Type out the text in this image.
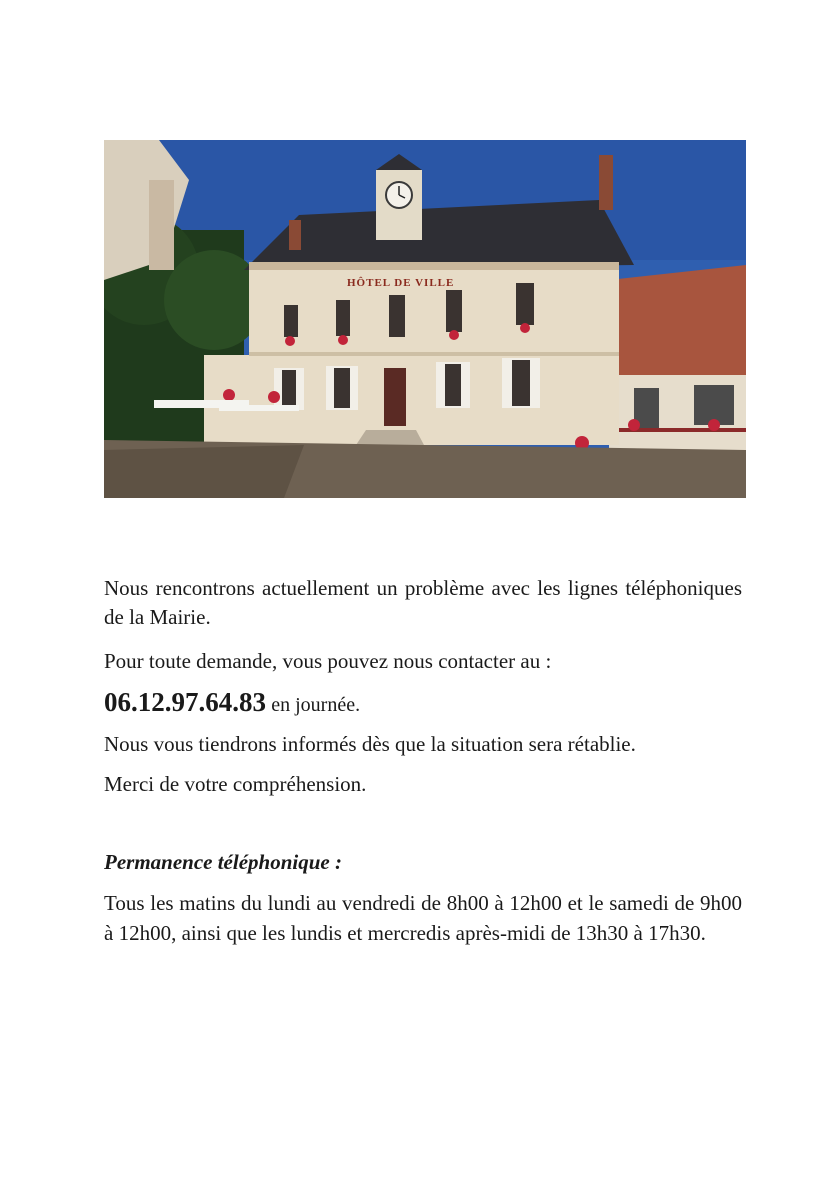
HÔTEL DE VILLE
Nous rencontrons actuellement un problème avec les lignes téléphoniques de la Mairie.
Pour toute demande, vous pouvez nous contacter au :
06.12.97.64.83 en journée.
Nous vous tiendrons informés dès que la situation sera rétablie.
Merci de votre compréhension.
Permanence téléphonique :
Tous les matins du lundi au vendredi de 8h00 à 12h00 et le samedi de 9h00 à 12h00, ainsi que les lundis et mercredis après-midi de 13h30 à 17h30.
